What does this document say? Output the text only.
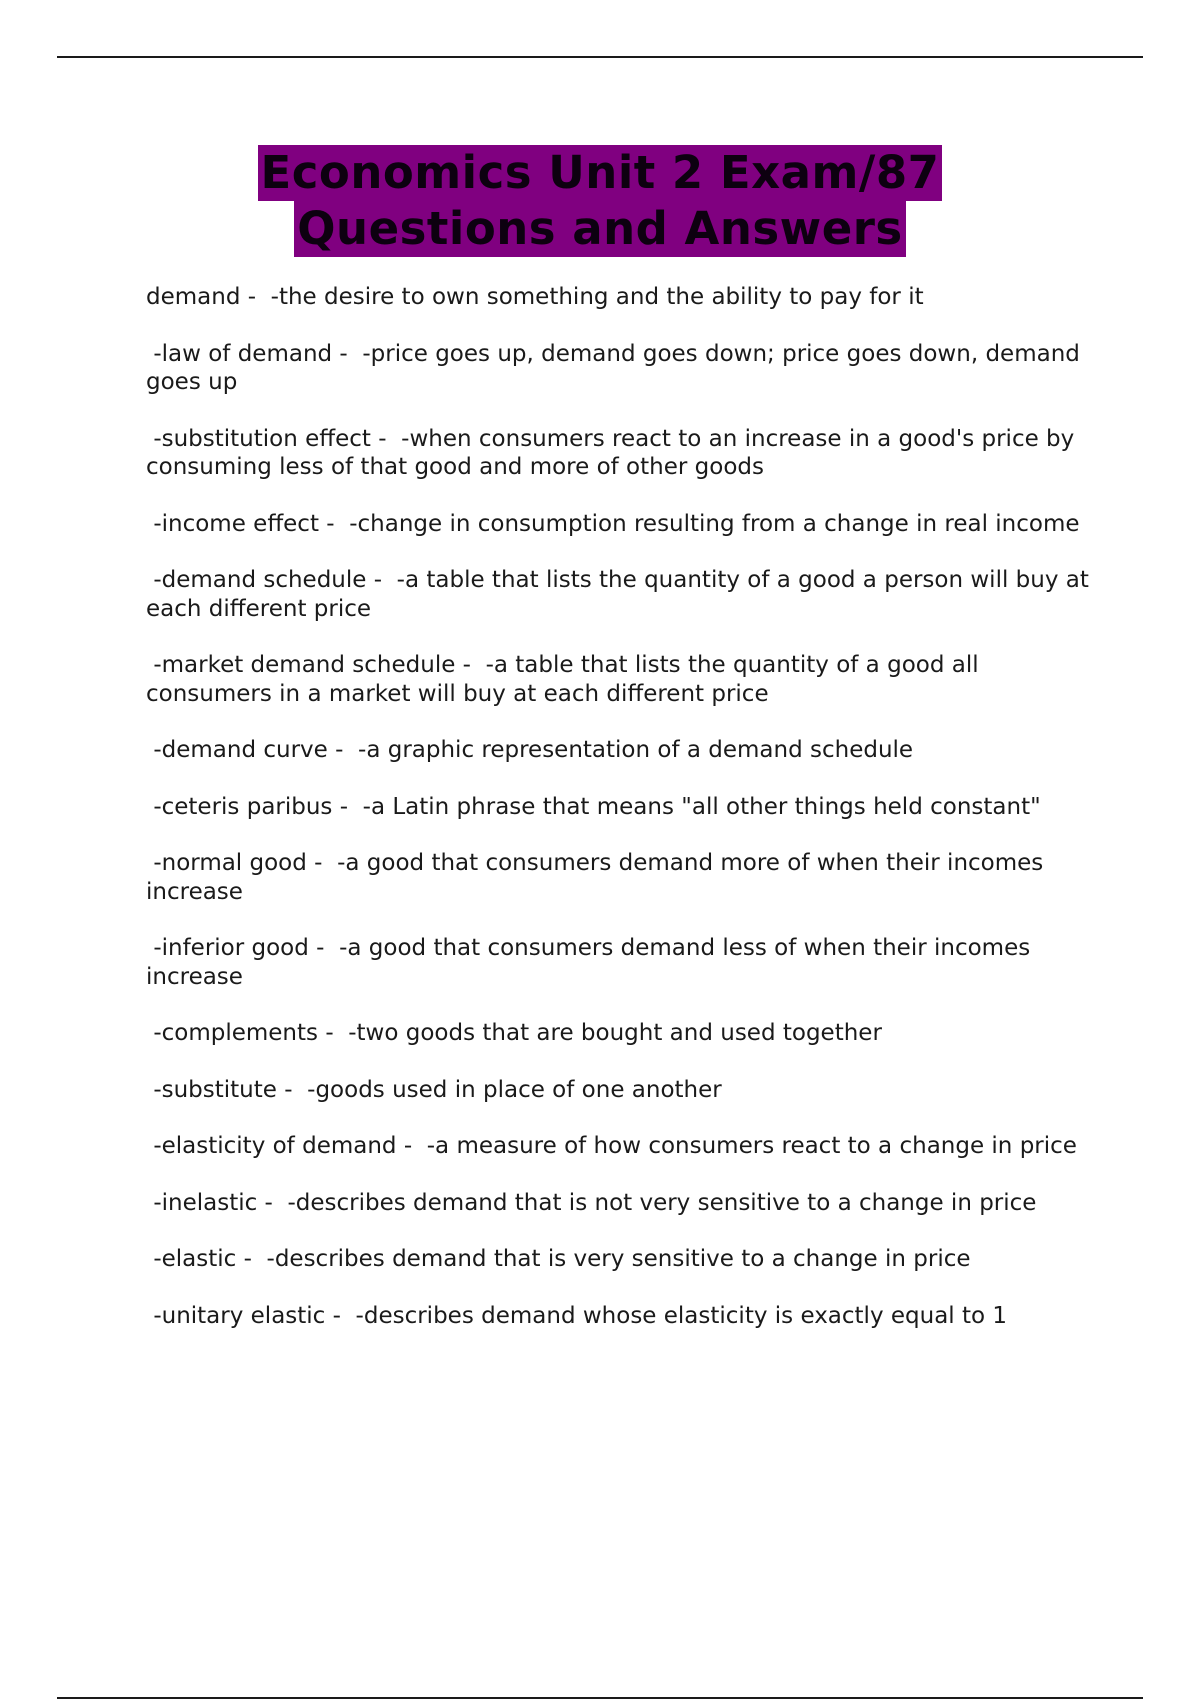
Economics Unit 2 Exam/87
Questions and Answers
demand -  -the desire to own something and the ability to pay for it
-law of demand -  -price goes up, demand goes down; price goes down, demand goes up
-substitution effect -  -when consumers react to an increase in a good's price by consuming less of that good and more of other goods
-income effect -  -change in consumption resulting from a change in real income
-demand schedule -  -a table that lists the quantity of a good a person will buy at each different price
-market demand schedule -  -a table that lists the quantity of a good all consumers in a market will buy at each different price
-demand curve -  -a graphic representation of a demand schedule
-ceteris paribus -  -a Latin phrase that means "all other things held constant"
-normal good -  -a good that consumers demand more of when their incomes increase
-inferior good -  -a good that consumers demand less of when their incomes increase
-complements -  -two goods that are bought and used together
-substitute -  -goods used in place of one another
-elasticity of demand -  -a measure of how consumers react to a change in price
-inelastic -  -describes demand that is not very sensitive to a change in price
-elastic -  -describes demand that is very sensitive to a change in price
-unitary elastic -  -describes demand whose elasticity is exactly equal to 1
